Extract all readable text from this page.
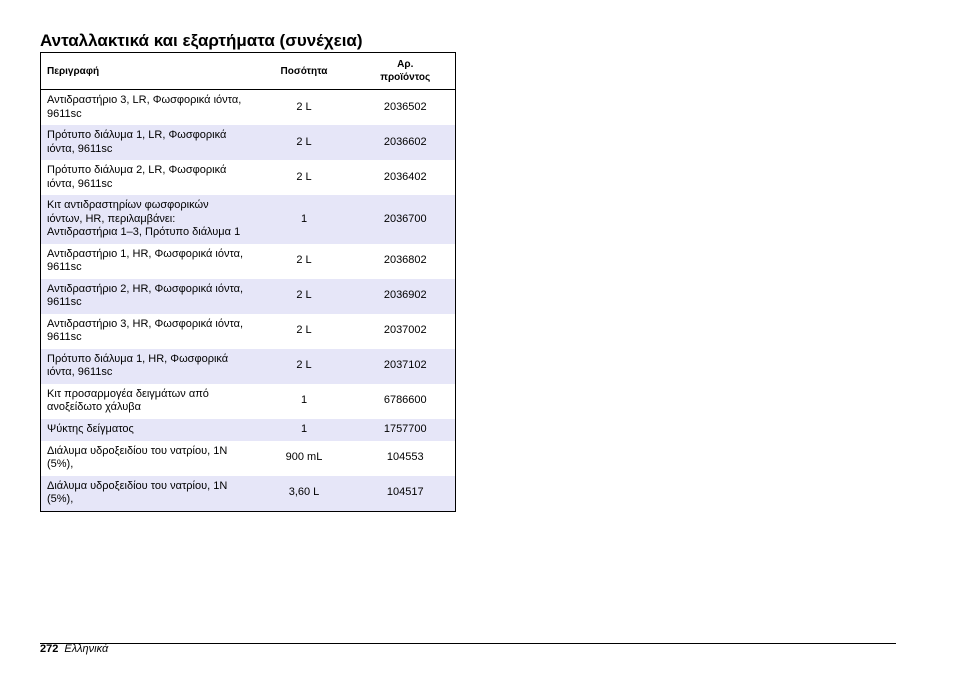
Ανταλλακτικά και εξαρτήματα (συνέχεια)
Περιγραφή	Ποσότητα	Αρ.
προϊόντος
Αντιδραστήριο 3, LR, Φωσφορικά ιόντα, 9611sc	2 L	2036502
Πρότυπο διάλυμα 1, LR, Φωσφορικά ιόντα, 9611sc	2 L	2036602
Πρότυπο διάλυμα 2, LR, Φωσφορικά ιόντα, 9611sc	2 L	2036402
Κιτ αντιδραστηρίων φωσφορικών ιόντων, HR, περιλαμβάνει:
Αντιδραστήρια 1–3, Πρότυπο διάλυμα 1	1	2036700
Αντιδραστήριο 1, HR, Φωσφορικά ιόντα, 9611sc	2 L	2036802
Αντιδραστήριο 2, HR, Φωσφορικά ιόντα, 9611sc	2 L	2036902
Αντιδραστήριο 3, HR, Φωσφορικά ιόντα, 9611sc	2 L	2037002
Πρότυπο διάλυμα 1, HR, Φωσφορικά ιόντα, 9611sc	2 L	2037102
Κιτ προσαρμογέα δειγμάτων από ανοξείδωτο χάλυβα	1	6786600
Ψύκτης δείγματος	1	1757700
Διάλυμα υδροξειδίου του νατρίου, 1N (5%),	900 mL	104553
Διάλυμα υδροξειδίου του νατρίου, 1N (5%),	3,60 L	104517
272 Ελληνικά
